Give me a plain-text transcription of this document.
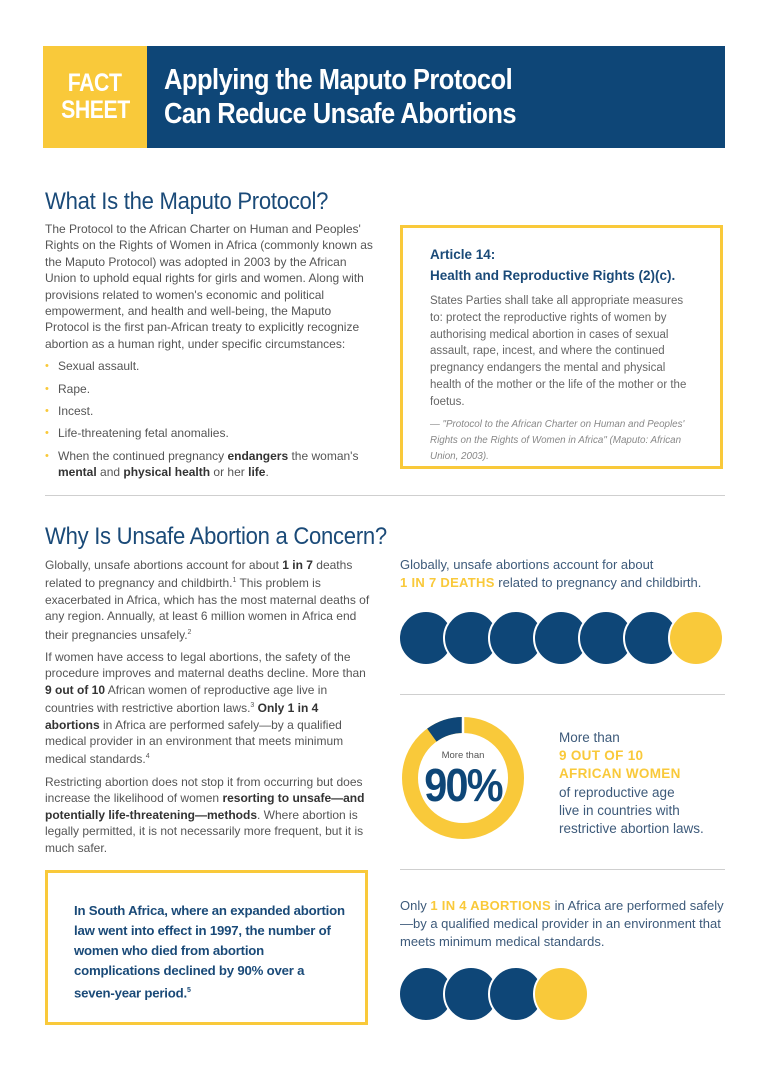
FACT
SHEET
Applying the Maputo Protocol
Can Reduce Unsafe Abortions
What Is the Maputo Protocol?

The Protocol to the African Charter on Human and Peoples' Rights on the Rights of Women in Africa (commonly known as the Maputo Protocol) was adopted in 2003 by the African Union to uphold equal rights for girls and women. Along with provisions related to women's economic and political empowerment, and health and well-being, the Maputo Protocol is the first pan-African treaty to explicitly recognize abortion as a human right, under specific circumstances:

• Sexual assault.
• Rape.
• Incest.
• Life-threatening fetal anomalies.
• When the continued pregnancy endangers the woman's mental and physical health or her life.
Article 14:
Health and Reproductive Rights (2)(c).
States Parties shall take all appropriate measures to: protect the reproductive rights of women by authorising medical abortion in cases of sexual assault, rape, incest, and where the continued pregnancy endangers the mental and physical health of the mother or the life of the mother or the foetus.
— "Protocol to the African Charter on Human and Peoples' Rights on the Rights of Women in Africa" (Maputo: African Union, 2003).
Why Is Unsafe Abortion a Concern?

Globally, unsafe abortions account for about 1 in 7 deaths related to pregnancy and childbirth.$^1$ This problem is exacerbated in Africa, which has the most maternal deaths of any region. Annually, at least 6 million women in Africa end their pregnancies unsafely.$^2$

If women have access to legal abortions, the safety of the procedure improves and maternal deaths decline. More than 9 out of 10 African women of reproductive age live in countries with restrictive abortion laws.$^3$ Only 1 in 4 abortions in Africa are performed safely—by a qualified medical provider in an environment that meets minimum medical standards.$^4$

Restricting abortion does not stop it from occurring but does increase the likelihood of women resorting to unsafe—and potentially life-threatening—methods. Where abortion is legally permitted, it is not necessarily more frequent, but it is much safer.

In South Africa, where an expanded abortion law went into effect in 1997, the number of women who died from abortion complications declined by 90% over a seven-year period.$^5$
Globally, unsafe abortions account for about
1 IN 7 DEATHS related to pregnancy and childbirth.
More than
90%
More than
9 OUT OF 10
AFRICAN WOMEN
of reproductive age
live in countries with
restrictive abortion laws.
Only 1 IN 4 ABORTIONS in Africa are performed safely—by a qualified medical provider in an environment that meets minimum medical standards.
